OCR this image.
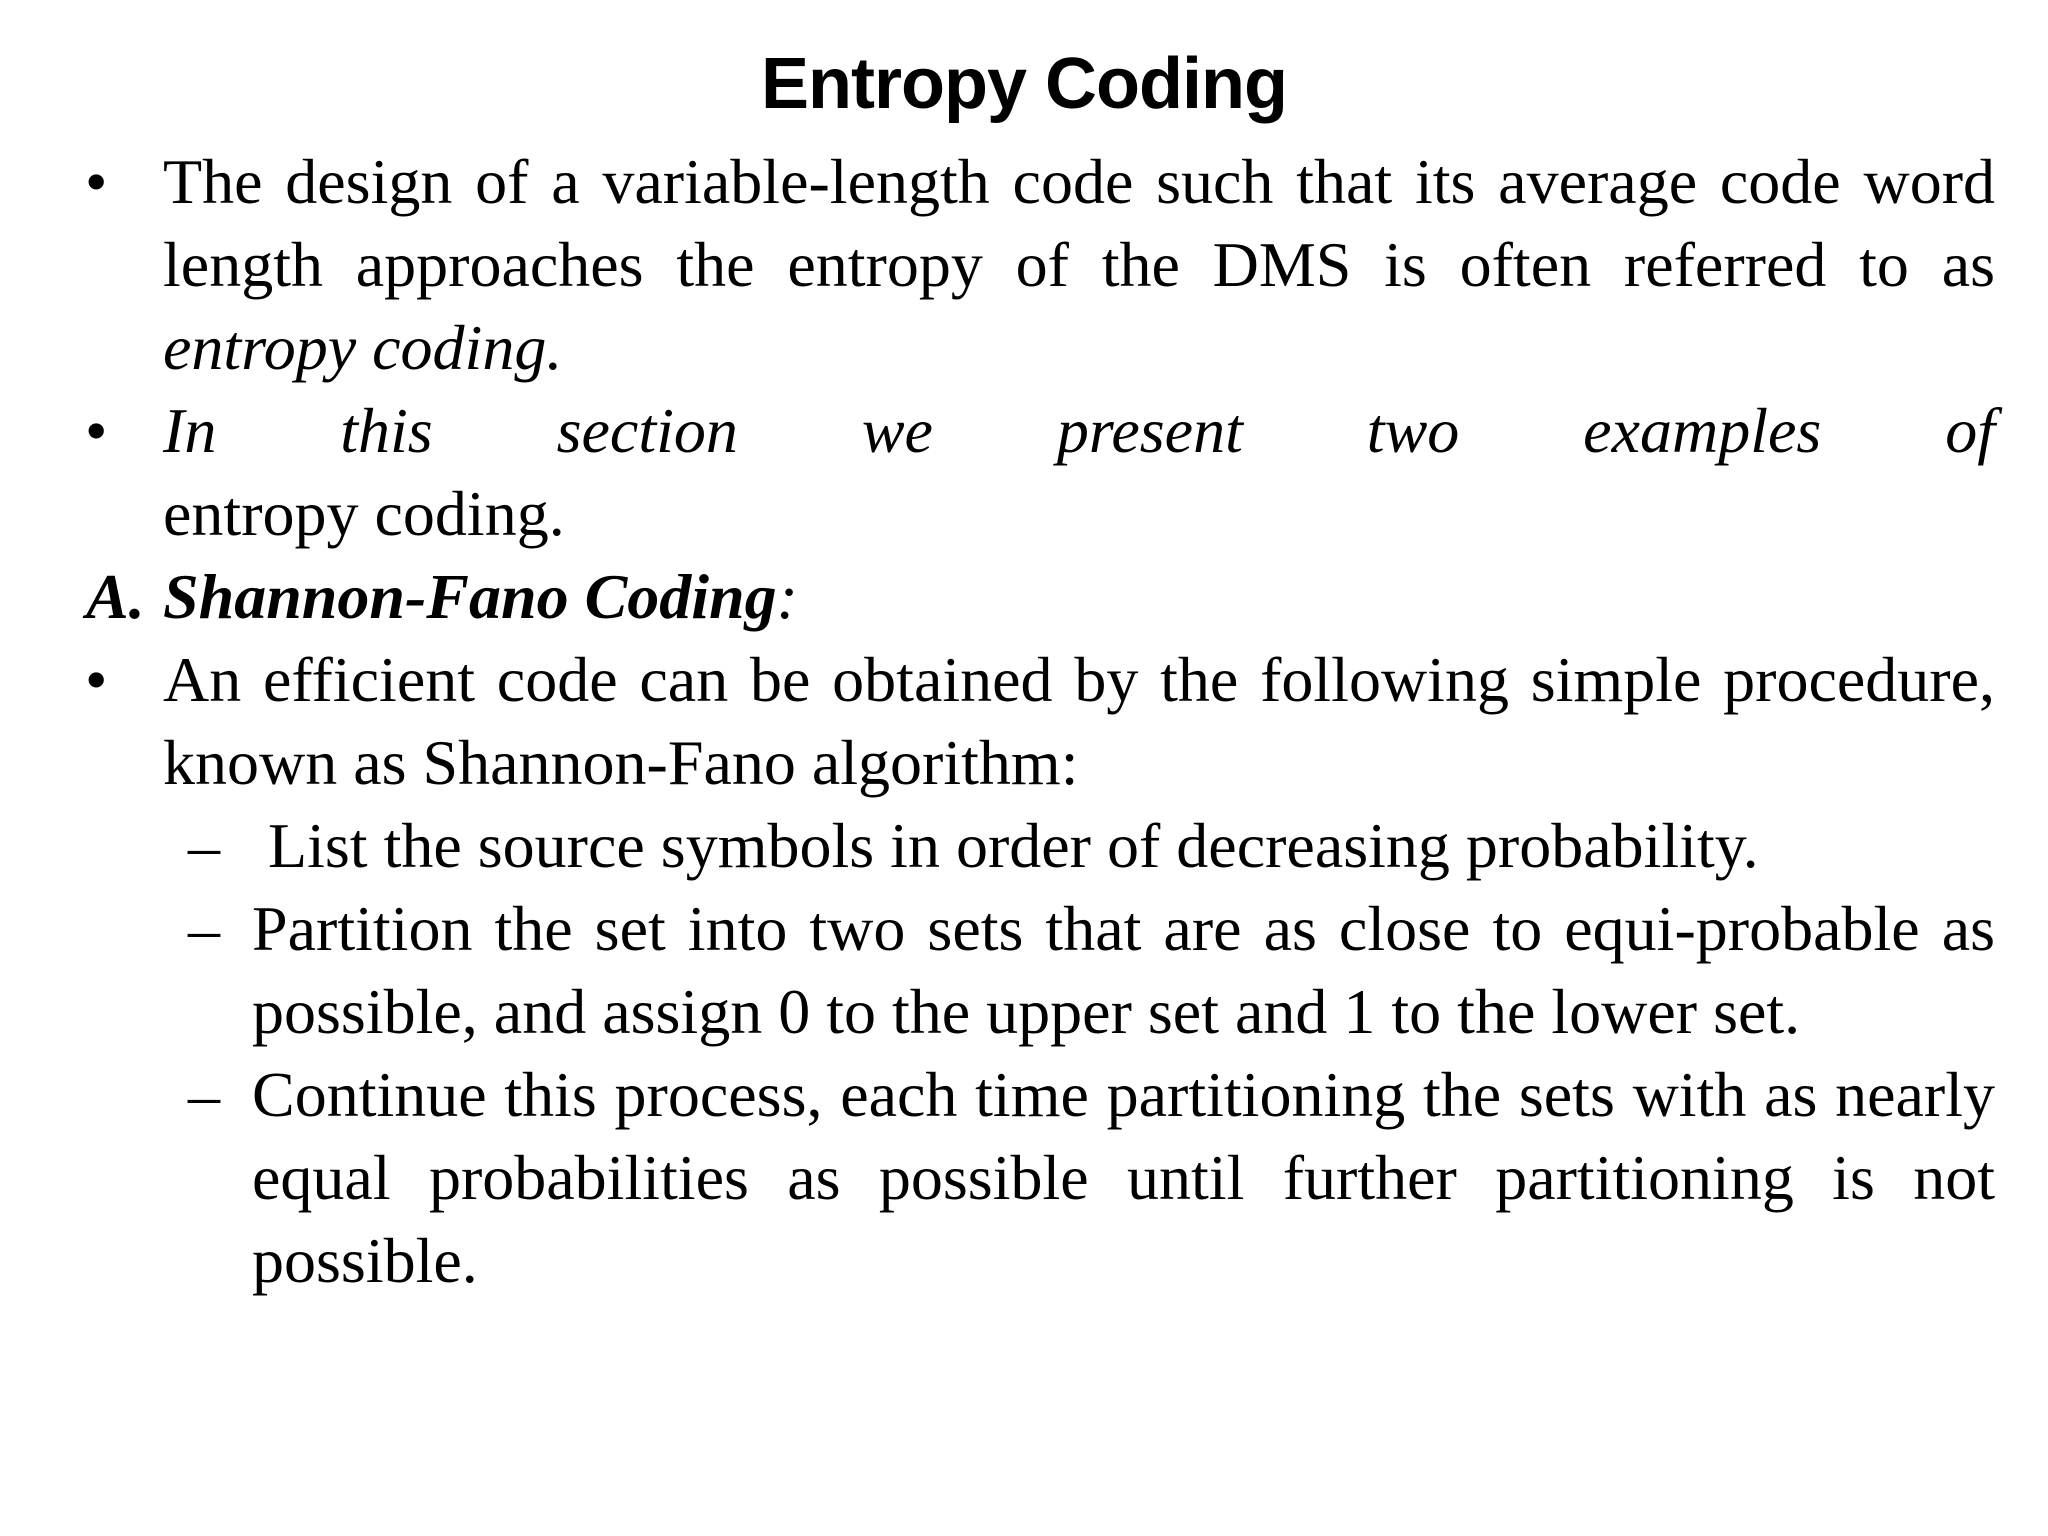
Entropy Coding
• The design of a variable-length code such that its average code word length approaches the entropy of the DMS is often referred to as entropy coding.
• In this section we present two examples of
entropy coding.
A. Shannon-Fano Coding:
• An efficient code can be obtained by the following simple procedure, known as Shannon-Fano algorithm:
– List the source symbols in order of decreasing probability.
– Partition the set into two sets that are as close to equi-probable as possible, and assign 0 to the upper set and 1 to the lower set.
– Continue this process, each time partitioning the sets with as nearly equal probabilities as possible until further partitioning is not possible.
